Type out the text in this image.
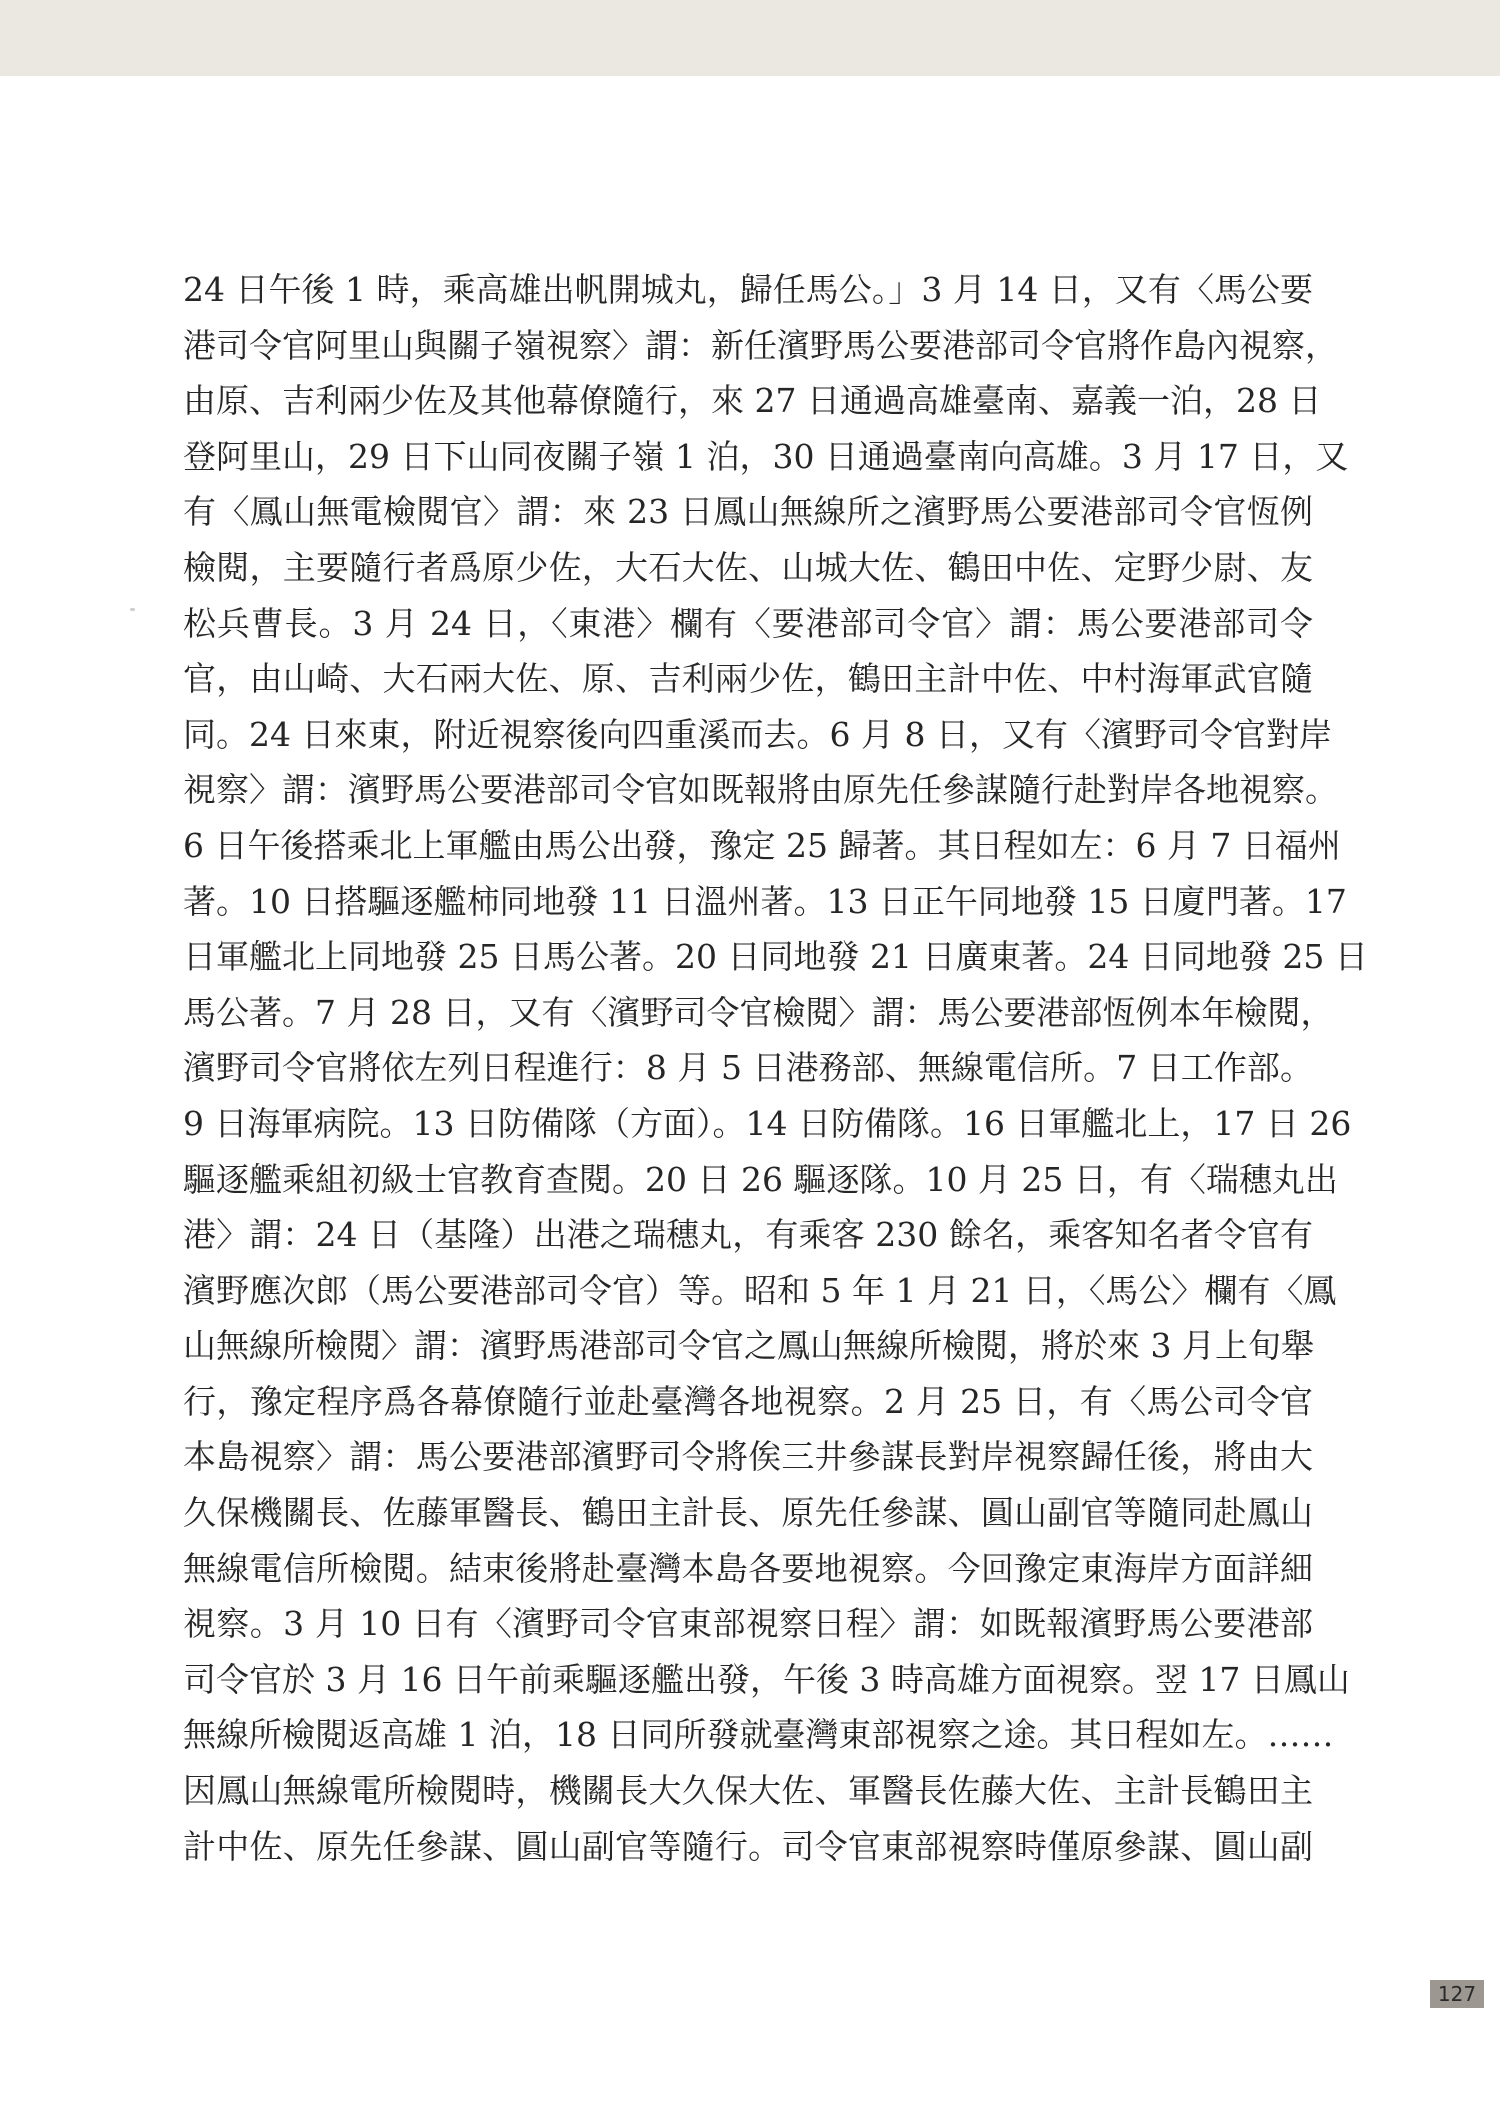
24 日午後 1 時，乘高雄出帆開城丸，歸任馬公。」3 月 14 日，又有〈馬公要
港司令官阿里山與關子嶺視察〉謂：新任濱野馬公要港部司令官將作島內視察，
由原、吉利兩少佐及其他幕僚隨行，來 27 日通過高雄臺南、嘉義一泊，28 日
登阿里山，29 日下山同夜關子嶺 1 泊，30 日通過臺南向高雄。3 月 17 日，又
有〈鳳山無電檢閱官〉謂：來 23 日鳳山無線所之濱野馬公要港部司令官恆例
檢閱，主要隨行者爲原少佐，大石大佐、山城大佐、鶴田中佐、定野少尉、友
松兵曹長。3 月 24 日，〈東港〉欄有〈要港部司令官〉謂：馬公要港部司令
官，由山崎、大石兩大佐、原、吉利兩少佐，鶴田主計中佐、中村海軍武官隨
同。24 日來東，附近視察後向四重溪而去。6 月 8 日，又有〈濱野司令官對岸
視察〉謂：濱野馬公要港部司令官如既報將由原先任參謀隨行赴對岸各地視察。
6 日午後搭乘北上軍艦由馬公出發，豫定 25 歸著。其日程如左：6 月 7 日福州
著。10 日搭驅逐艦柿同地發 11 日溫州著。13 日正午同地發 15 日廈門著。17
日軍艦北上同地發 25 日馬公著。20 日同地發 21 日廣東著。24 日同地發 25 日
馬公著。7 月 28 日，又有〈濱野司令官檢閱〉謂：馬公要港部恆例本年檢閱，
濱野司令官將依左列日程進行：8 月 5 日港務部、無線電信所。7 日工作部。
9 日海軍病院。13 日防備隊（方面）。14 日防備隊。16 日軍艦北上，17 日 26
驅逐艦乘組初級士官教育查閱。20 日 26 驅逐隊。10 月 25 日，有〈瑞穗丸出
港〉謂：24 日（基隆）出港之瑞穗丸，有乘客 230 餘名，乘客知名者令官有
濱野應次郎（馬公要港部司令官）等。昭和 5 年 1 月 21 日，〈馬公〉欄有〈鳳
山無線所檢閱〉謂：濱野馬港部司令官之鳳山無線所檢閱，將於來 3 月上旬舉
行，豫定程序爲各幕僚隨行並赴臺灣各地視察。2 月 25 日，有〈馬公司令官
本島視察〉謂：馬公要港部濱野司令將俟三井參謀長對岸視察歸任後，將由大
久保機關長、佐藤軍醫長、鶴田主計長、原先任參謀、圓山副官等隨同赴鳳山
無線電信所檢閱。結束後將赴臺灣本島各要地視察。今回豫定東海岸方面詳細
視察。3 月 10 日有〈濱野司令官東部視察日程〉謂：如既報濱野馬公要港部
司令官於 3 月 16 日午前乘驅逐艦出發，午後 3 時高雄方面視察。翌 17 日鳳山
無線所檢閱返高雄 1 泊，18 日同所發就臺灣東部視察之途。其日程如左。……
因鳳山無線電所檢閱時，機關長大久保大佐、軍醫長佐藤大佐、主計長鶴田主
計中佐、原先任參謀、圓山副官等隨行。司令官東部視察時僅原參謀、圓山副
127
